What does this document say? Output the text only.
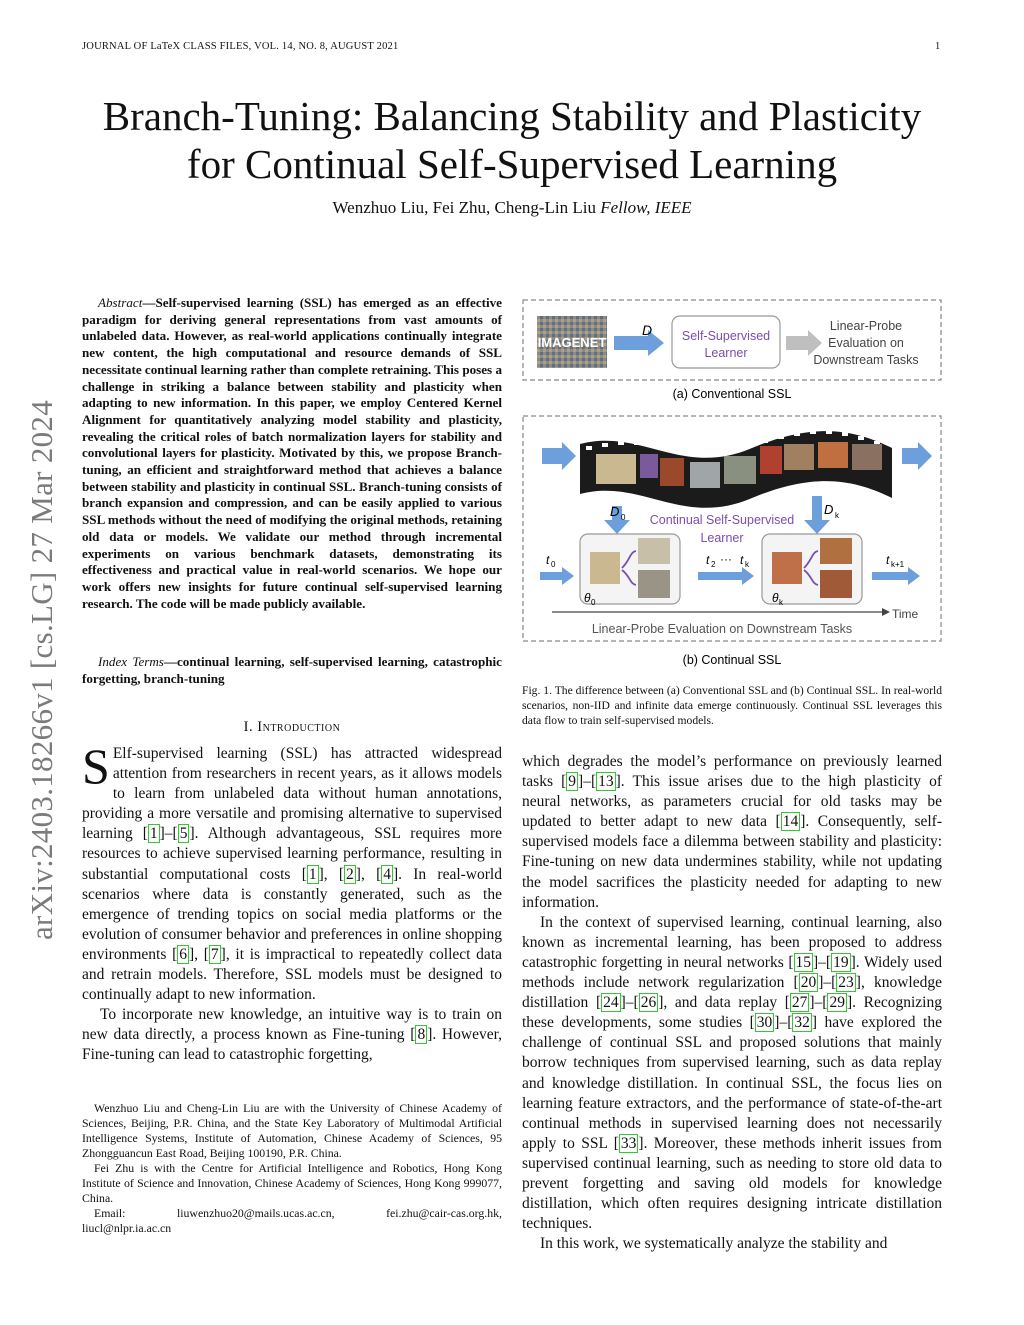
JOURNAL OF LaTeX CLASS FILES, VOL. 14, NO. 8, AUGUST 2021	1
arXiv:2403.18266v1 [cs.LG] 27 Mar 2024
Branch-Tuning: Balancing Stability and Plasticity
for Continual Self-Supervised Learning
Wenzhuo Liu, Fei Zhu, Cheng-Lin Liu Fellow, IEEE

Abstract—Self-supervised learning (SSL) has emerged as an effective paradigm for deriving general representations from vast amounts of unlabeled data. However, as real-world applications continually integrate new content, the high computational and resource demands of SSL necessitate continual learning rather than complete retraining. This poses a challenge in striking a balance between stability and plasticity when adapting to new information. In this paper, we employ Centered Kernel Alignment for quantitatively analyzing model stability and plasticity, revealing the critical roles of batch normalization layers for stability and convolutional layers for plasticity. Motivated by this, we propose Branch-tuning, an efficient and straightforward method that achieves a balance between stability and plasticity in continual SSL. Branch-tuning consists of branch expansion and compression, and can be easily applied to various SSL methods without the need of modifying the original methods, retaining old data or models. We validate our method through incremental experiments on various benchmark datasets, demonstrating its effectiveness and practical value in real-world scenarios. We hope our work offers new insights for future continual self-supervised learning research. The code will be made publicly available.

Index Terms—continual learning, self-supervised learning, catastrophic forgetting, branch-tuning
I. Introduction

S Elf-supervised learning (SSL) has attracted widespread attention from researchers in recent years, as it allows models to learn from unlabeled data without human annotations, providing a more versatile and promising alternative to supervised learning [ 1 ]–[ 5 ]. Although advantageous, SSL requires more resources to achieve supervised learning performance, resulting in substantial computational costs [ 1 ], [ 2 ], [ 4 ]. In real-world scenarios where data is constantly generated, such as the emergence of trending topics on social media platforms or the evolution of consumer behavior and preferences in online shopping environments [ 6 ], [ 7 ], it is impractical to repeatedly collect data and retrain models. Therefore, SSL models must be designed to continually adapt to new information.

To incorporate new knowledge, an intuitive way is to train on new data directly, a process known as Fine-tuning [ 8 ]. However, Fine-tuning can lead to catastrophic forgetting,

Wenzhuo Liu and Cheng-Lin Liu are with the University of Chinese Academy of Sciences, Beijing, P.R. China, and the State Key Laboratory of Multimodal Artificial Intelligence Systems, Institute of Automation, Chinese Academy of Sciences, 95 Zhongguancun East Road, Beijing 100190, P.R. China.

Fei Zhu is with the Centre for Artificial Intelligence and Robotics, Hong Kong Institute of Science and Innovation, Chinese Academy of Sciences, Hong Kong 999077, China.

Email:	liuwenzhuo20@mails.ucas.ac.cn,	fei.zhu@cair-cas.org.hk,

liucl@nlpr.ia.ac.cn
IMAGENET
D Self-Supervised
Learner
Linear-Probe
Evaluation on
Downstream Tasks
(a) Conventional SSL
D 0
D k
Continual Self-Supervised
Learner
t 0
θ 0
t 2 ··· t k
θ k
t k+1
Time
Linear-Probe Evaluation on Downstream Tasks
(b) Continual SSL
Fig. 1. The difference between (a) Conventional SSL and (b) Continual SSL. In real-world scenarios, non-IID and infinite data emerge continuously. Continual SSL leverages this data flow to train self-supervised models.

which degrades the model’s performance on previously learned tasks [ 9 ]–[ 13 ]. This issue arises due to the high plasticity of neural networks, as parameters crucial for old tasks may be updated to better adapt to new data [ 14 ]. Consequently, self-supervised models face a dilemma between stability and plasticity: Fine-tuning on new data undermines stability, while not updating the model sacrifices the plasticity needed for adapting to new information.

In the context of supervised learning, continual learning, also known as incremental learning, has been proposed to address catastrophic forgetting in neural networks [ 15 ]–[ 19 ]. Widely used methods include network regularization [ 20 ]–[ 23 ], knowledge distillation [ 24 ]–[ 26 ], and data replay [ 27 ]–[ 29 ]. Recognizing these developments, some studies [ 30 ]–[ 32 ] have explored the challenge of continual SSL and proposed solutions that mainly borrow techniques from supervised learning, such as data replay and knowledge distillation. In continual SSL, the focus lies on learning feature extractors, and the performance of state-of-the-art continual methods in supervised learning does not necessarily apply to SSL [ 33 ]. Moreover, these methods inherit issues from supervised continual learning, such as needing to store old data to prevent forgetting and saving old models for knowledge distillation, which often requires designing intricate distillation techniques.

In this work, we systematically analyze the stability and
